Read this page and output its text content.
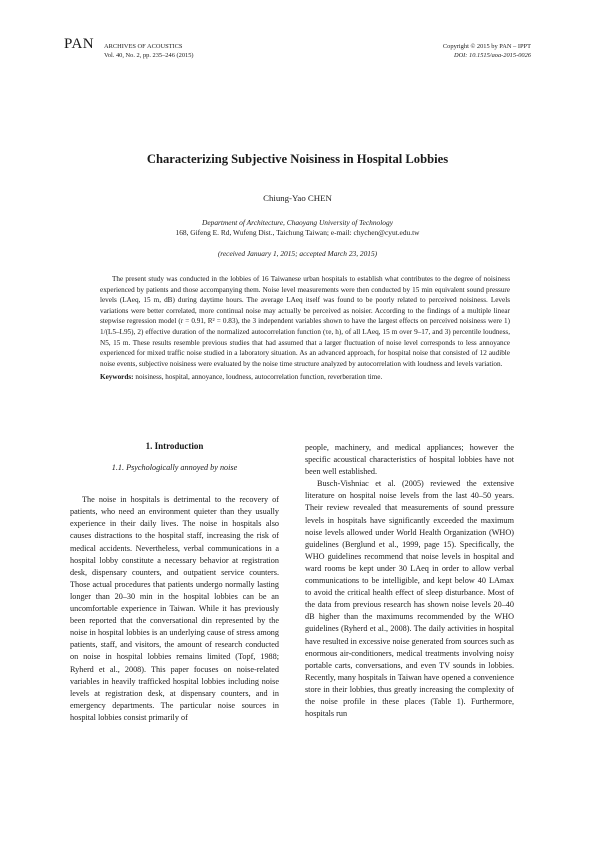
PAN ARCHIVES OF ACOUSTICS
Vol. 40, No. 2, pp. 235–246 (2015)
Copyright © 2015 by PAN – IPPT
DOI: 10.1515/aoa-2015-0026
Characterizing Subjective Noisiness in Hospital Lobbies
Chiung-Yao CHEN
Department of Architecture, Chaoyang University of Technology
168, Gifeng E. Rd, Wufeng Dist., Taichung Taiwan; e-mail: chychen@cyut.edu.tw
(received January 1, 2015; accepted March 23, 2015)

The present study was conducted in the lobbies of 16 Taiwanese urban hospitals to establish what contributes to the degree of noisiness experienced by patients and those accompanying them. Noise level measurements were then conducted by 15 min equivalent sound pressure levels (LAeq, 15 m, dB) during daytime hours. The average LAeq itself was found to be poorly related to perceived noisiness. Levels variations were better correlated, more continual noise may actually be perceived as noisier. According to the findings of a multiple linear stepwise regression model (r = 0.91, R² = 0.83), the 3 independent variables shown to have the largest effects on perceived noisiness were 1) 1/(L5–L95), 2) effective duration of the normalized autocorrelation function (τe, h), of all LAeq, 15 m over 9–17, and 3) percentile loudness, N5, 15 m. These results resemble previous studies that had assumed that a larger fluctuation of noise level corresponds to less annoyance experienced for mixed traffic noise studied in a laboratory situation. As an advanced approach, for hospital noise that consisted of 12 audible noise events, subjective noisiness were evaluated by the noise time structure analyzed by autocorrelation with loudness and levels variation.

Keywords: noisiness, hospital, annoyance, loudness, autocorrelation function, reverberation time.

1. Introduction
1.1. Psychologically annoyed by noise

The noise in hospitals is detrimental to the recovery of patients, who need an environment quieter than they usually experience in their daily lives. The noise in hospitals also causes distractions to the hospital staff, increasing the risk of medical accidents. Nevertheless, verbal communications in a hospital lobby constitute a necessary behavior at registration desk, dispensary counters, and outpatient service counters. Those actual procedures that patients undergo normally lasting longer than 20–30 min in the hospital lobbies can be an uncomfortable experience in Taiwan. While it has previously been reported that the conversational din represented by the noise in hospital lobbies is an underlying cause of stress among patients, staff, and visitors, the amount of research conducted on noise in hospital lobbies remains limited (Topf, 1988; Ryherd et al., 2008). This paper focuses on noise-related variables in heavily trafficked hospital lobbies including noise levels at registration desk, at dispensary counters, and in emergency departments. The particular noise sources in hospital lobbies consist primarily of

people, machinery, and medical appliances; however the specific acoustical characteristics of hospital lobbies have not been well established.

Busch-Vishniac et al. (2005) reviewed the extensive literature on hospital noise levels from the last 40–50 years. Their review revealed that measurements of sound pressure levels in hospitals have significantly exceeded the maximum noise levels allowed under World Health Organization (WHO) guidelines (Berglund et al., 1999, page 15). Specifically, the WHO guidelines recommend that noise levels in hospital and ward rooms be kept under 30 LAeq in order to allow verbal communications to be intelligible, and kept below 40 LAmax to avoid the critical health effect of sleep disturbance. Most of the data from previous research has shown noise levels 20–40 dB higher than the maximums recommended by the WHO guidelines (Ryherd et al., 2008). The daily activities in hospital have resulted in excessive noise generated from sources such as enormous air-conditioners, medical treatments involving noisy portable carts, conversations, and even TV sounds in lobbies. Recently, many hospitals in Taiwan have opened a convenience store in their lobbies, thus greatly increasing the complexity of the noise profile in these places (Table 1). Furthermore, hospitals run
